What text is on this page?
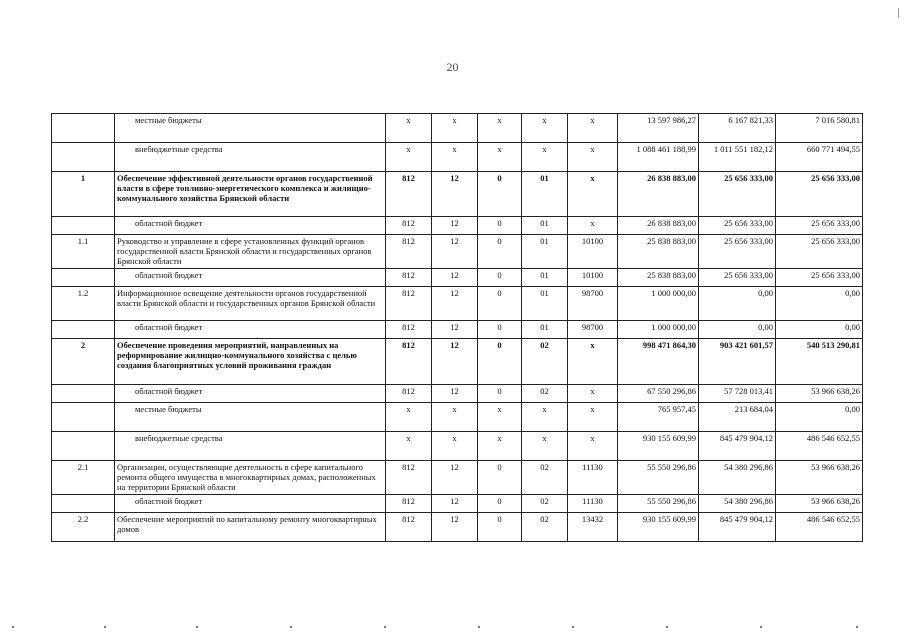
20
	местные бюджеты	x	x	x	x	x	13 597 986,27	6 167 821,33	7 016 580,81
	внебюджетные средства	x	x	x	x	x	1 088 461 188,99	1 011 551 182,12	660 771 494,55
1	Обеспечение эффективной деятельности органов государственной власти в сфере топливно-энергетического комплекса и жилищно-коммунального хозяйства Брянской области	812	12	0	01	x	26 838 883,00	25 656 333,00	25 656 333,00
	областной бюджет	812	12	0	01	x	26 838 883,00	25 656 333,00	25 656 333,00
1.1	Руководство и управление в сфере установленных функций органов государственной власти Брянской области и государственных органов Брянской области	812	12	0	01	10100	25 838 883,00	25 656 333,00	25 656 333,00
	областной бюджет	812	12	0	01	10100	25 838 883,00	25 656 333,00	25 656 333,00
1.2	Информационное освещение деятельности органов государственной власти Брянской области и государственных органов Брянской области	812	12	0	01	98700	1 000 000,00	0,00	0,00
	областной бюджет	812	12	0	01	98700	1 000 000,00	0,00	0,00
2	Обеспечение проведения мероприятий, направленных на реформирование жилищно-коммунального хозяйства с целью создания благоприятных условий проживания граждан	812	12	0	02	x	998 471 864,30	903 421 601,57	540 513 290,81
	областной бюджет	812	12	0	02	x	67 550 296,86	57 728 013,41	53 966 638,26
	местные бюджеты	x	x	x	x	x	765 957,45	213 684,04	0,00
	внебюджетные средства	x	x	x	x	x	930 155 609,99	845 479 904,12	486 546 652,55
2.1	Организации, осуществляющие деятельность в сфере капитального ремонта общего имущества в многоквартирных домах, расположенных на территории Брянской области	812	12	0	02	11130	55 550 296,86	54 380 296,86	53 966 638,26
	областной бюджет	812	12	0	02	11130	55 550 296,86	54 380 296,86	53 966 638,26
2.2	Обеспечение мероприятий по капитальному ремонту многоквартирных домов	812	12	0	02	13432	930 155 609,99	845 479 904,12	486 546 652,55
